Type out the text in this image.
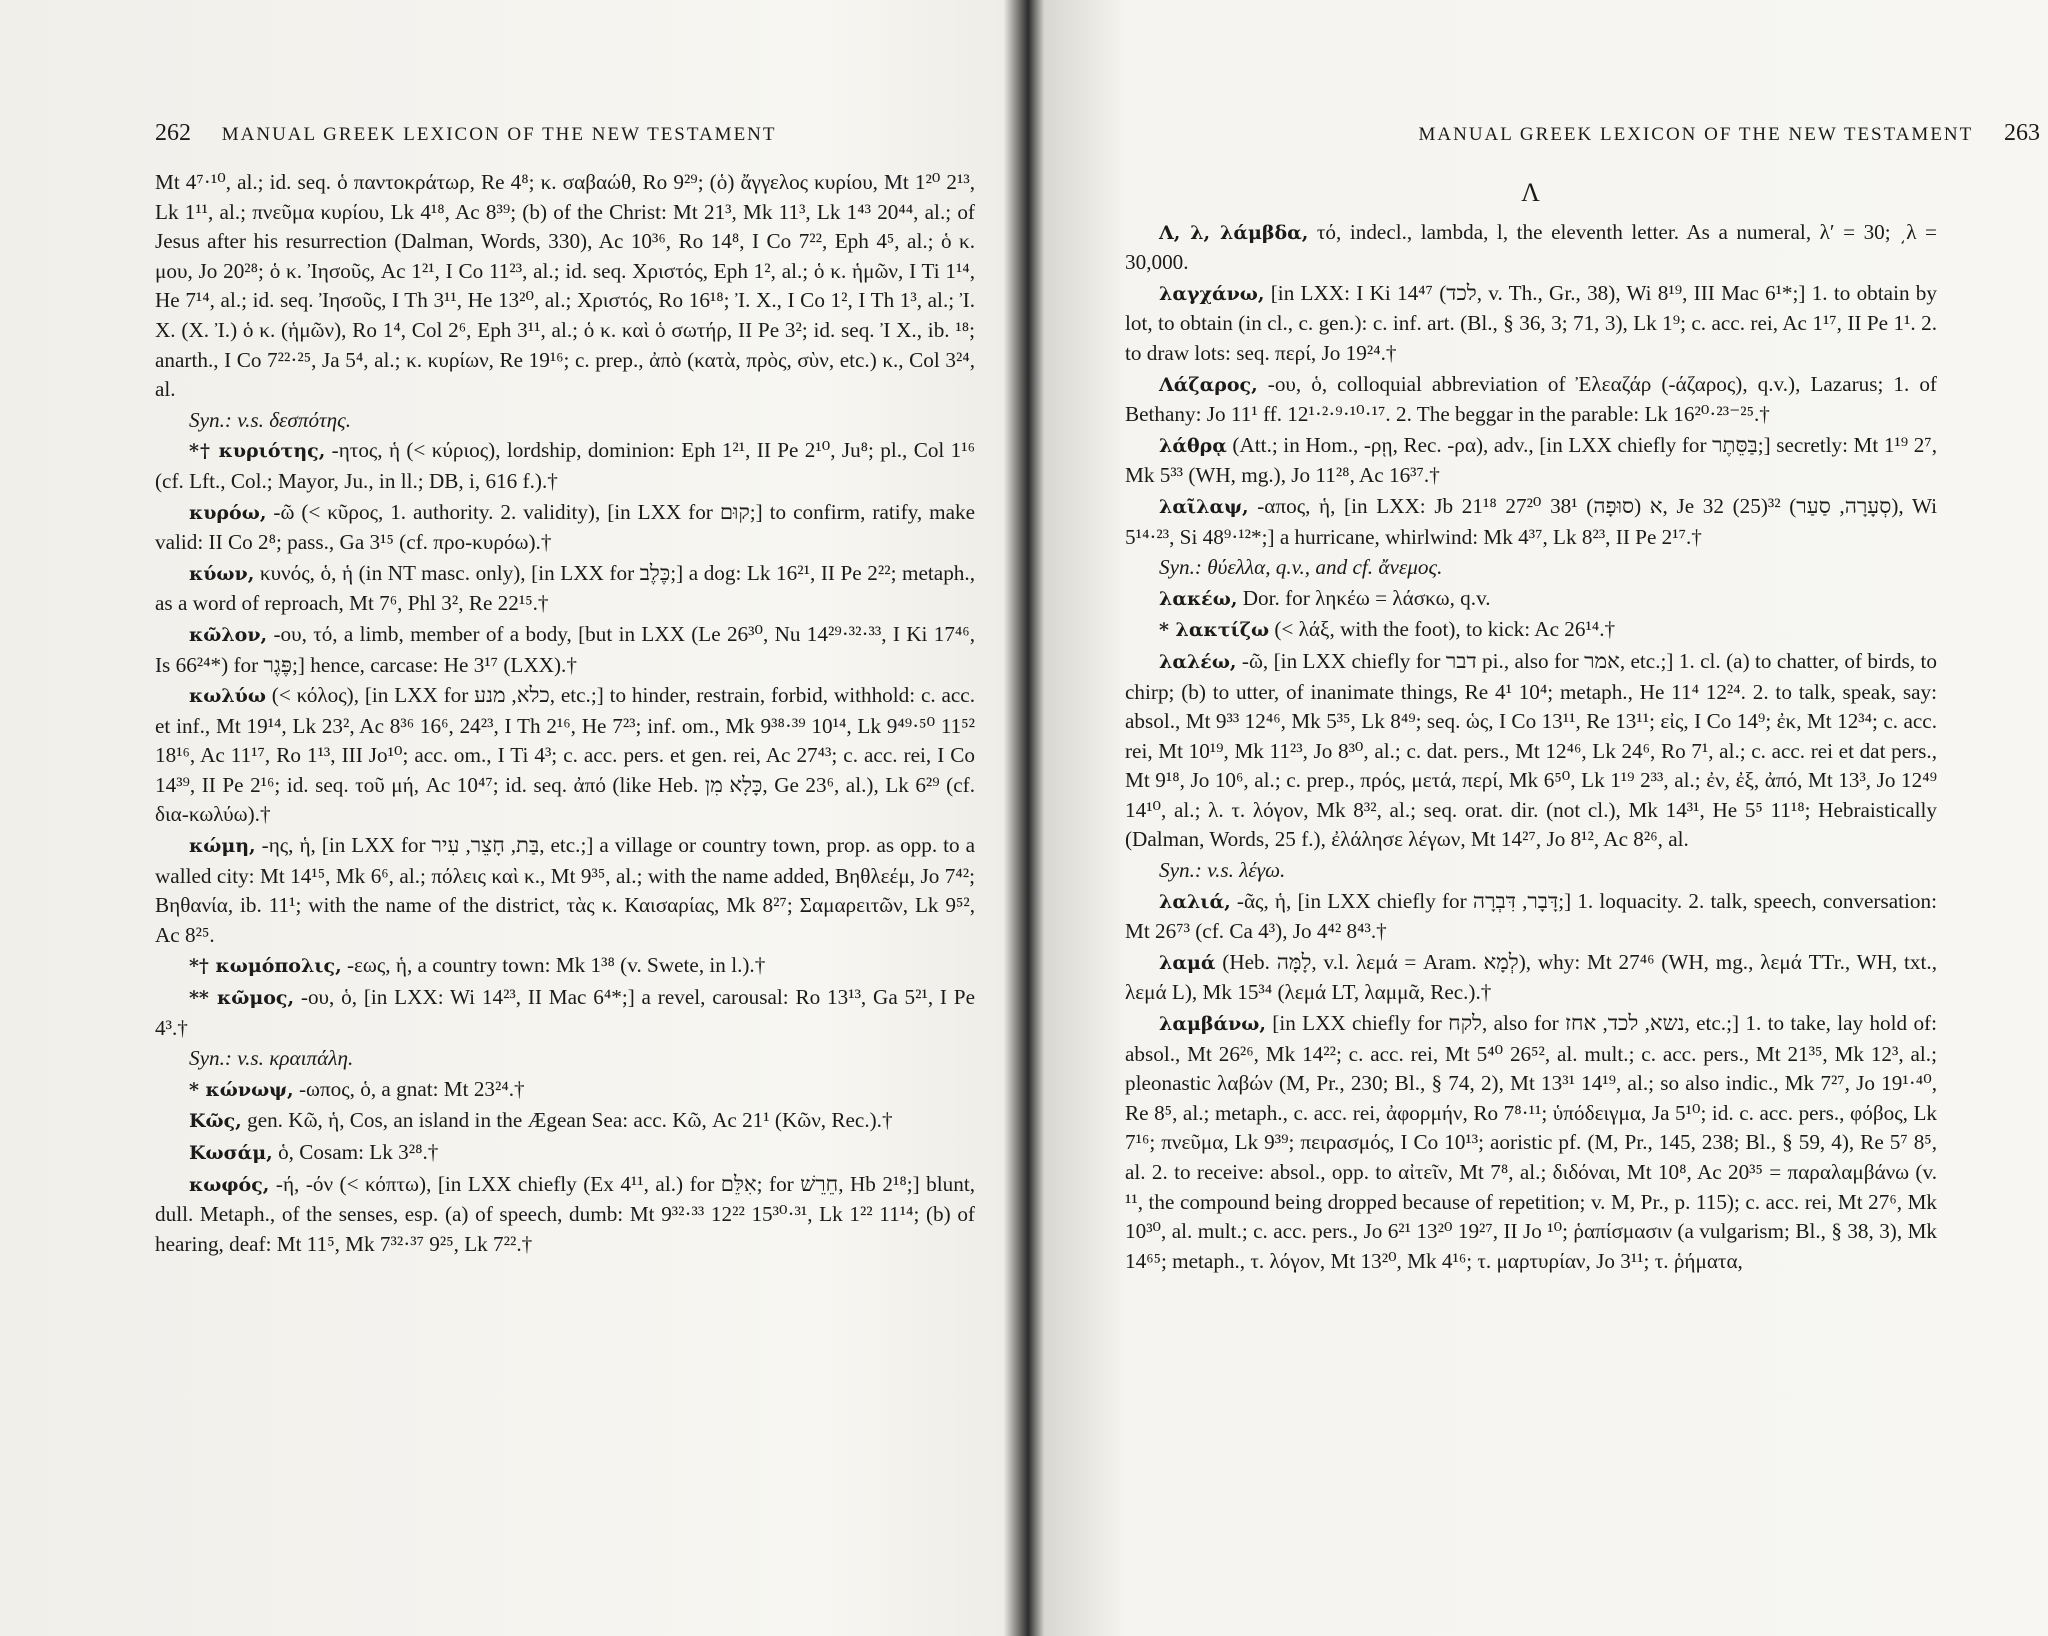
262 MANUAL GREEK LEXICON OF THE NEW TESTAMENT
Mt 4⁷·¹⁰, al.; id. seq. ὁ παντοκράτωρ, Re 4⁸; κ. σαβαώθ, Ro 9²⁹; (ὁ) ἄγγελος κυρίου, Mt 1²⁰ 2¹³, Lk 1¹¹, al.; πνεῦμα κυρίου, Lk 4¹⁸, Ac 8³⁹; (b) of the Christ: Mt 21³, Mk 11³, Lk 1⁴³ 20⁴⁴, al.; of Jesus after his resurrection (Dalman, Words, 330), Ac 10³⁶, Ro 14⁸, I Co 7²², Eph 4⁵, al.; ὁ κ. μου, Jo 20²⁸; ὁ κ. Ἰησοῦς, Ac 1²¹, I Co 11²³, al.; id. seq. Χριστός, Eph 1², al.; ὁ κ. ἡμῶν, I Ti 1¹⁴, He 7¹⁴, al.; id. seq. Ἰησοῦς, I Th 3¹¹, He 13²⁰, al.; Χριστός, Ro 16¹⁸; Ἰ. Χ., I Co 1², I Th 1³, al.; Ἰ. Χ. (Χ. Ἰ.) ὁ κ. (ἡμῶν), Ro 1⁴, Col 2⁶, Eph 3¹¹, al.; ὁ κ. καὶ ὁ σωτήρ, II Pe 3²; id. seq. Ἰ Χ., ib. ¹⁸; anarth., I Co 7²²·²⁵, Ja 5⁴, al.; κ. κυρίων, Re 19¹⁶; c. prep., ἀπὸ (κατὰ, πρὸς, σὺν, etc.) κ., Col 3²⁴, al.
Syn.: v.s. δεσπότης.
*† κυριότης, -ητος, ἡ (< κύριος), lordship, dominion: Eph 1²¹, II Pe 2¹⁰, Ju⁸; pl., Col 1¹⁶ (cf. Lft., Col.; Mayor, Ju., in ll.; DB, i, 616 f.).†
κυρόω, -ῶ (< κῦρος, 1. authority. 2. validity), [in LXX for קוּם;] to confirm, ratify, make valid: II Co 2⁸; pass., Ga 3¹⁵ (cf. προ-κυρόω).†
κύων, κυνός, ὁ, ἡ (in NT masc. only), [in LXX for כֶּלֶב;] a dog: Lk 16²¹, II Pe 2²²; metaph., as a word of reproach, Mt 7⁶, Phl 3², Re 22¹⁵.†
κῶλον, -ου, τό, a limb, member of a body, [but in LXX (Le 26³⁰, Nu 14²⁹·³²·³³, I Ki 17⁴⁶, Is 66²⁴*) for פֶּגֶר;] hence, carcase: He 3¹⁷ (LXX).†
κωλύω (< κόλος), [in LXX for כלא, מנע, etc.;] to hinder, restrain, forbid, withhold: c. acc. et inf., Mt 19¹⁴, Lk 23², Ac 8³⁶ 16⁶, 24²³, I Th 2¹⁶, He 7²³; inf. om., Mk 9³⁸·³⁹ 10¹⁴, Lk 9⁴⁹·⁵⁰ 11⁵² 18¹⁶, Ac 11¹⁷, Ro 1¹³, III Jo¹⁰; acc. om., I Ti 4³; c. acc. pers. et gen. rei, Ac 27⁴³; c. acc. rei, I Co 14³⁹, II Pe 2¹⁶; id. seq. τοῦ μή, Ac 10⁴⁷; id. seq. ἀπό (like Heb. כָּלָא מִן, Ge 23⁶, al.), Lk 6²⁹ (cf. δια-κωλύω).†
κώμη, -ης, ἡ, [in LXX for בַּת, חָצֵר, עִיר, etc.;] a village or country town, prop. as opp. to a walled city: Mt 14¹⁵, Mk 6⁶, al.; πόλεις καὶ κ., Mt 9³⁵, al.; with the name added, Βηθλεέμ, Jo 7⁴²; Βηθανία, ib. 11¹; with the name of the district, τὰς κ. Καισαρίας, Mk 8²⁷; Σαμαρειτῶν, Lk 9⁵², Ac 8²⁵.
*† κωμόπολις, -εως, ἡ, a country town: Mk 1³⁸ (v. Swete, in l.).†
** κῶμος, -ου, ὁ, [in LXX: Wi 14²³, II Mac 6⁴*;] a revel, carousal: Ro 13¹³, Ga 5²¹, I Pe 4³.†
Syn.: v.s. κραιπάλη.
* κώνωψ, -ωπος, ὁ, a gnat: Mt 23²⁴.†
Κῶς, gen. Κῶ, ἡ, Cos, an island in the Ægean Sea: acc. Κῶ, Ac 21¹ (Κῶν, Rec.).†
Κωσάμ, ὁ, Cosam: Lk 3²⁸.†
κωφός, -ή, -όν (< κόπτω), [in LXX chiefly (Ex 4¹¹, al.) for אִלֵּם; for חֵרֵשׁ, Hb 2¹⁸;] blunt, dull. Metaph., of the senses, esp. (a) of speech, dumb: Mt 9³²·³³ 12²² 15³⁰·³¹, Lk 1²² 11¹⁴; (b) of hearing, deaf: Mt 11⁵, Mk 7³²·³⁷ 9²⁵, Lk 7²².†
MANUAL GREEK LEXICON OF THE NEW TESTAMENT 263
Λ
Λ, λ, λάμβδα, τό, indecl., lambda, l, the eleventh letter. As a numeral, λʹ = 30; ͵λ = 30,000.
λαγχάνω, [in LXX: I Ki 14⁴⁷ (לכד, v. Th., Gr., 38), Wi 8¹⁹, III Mac 6¹*;] 1. to obtain by lot, to obtain (in cl., c. gen.): c. inf. art. (Bl., § 36, 3; 71, 3), Lk 1⁹; c. acc. rei, Ac 1¹⁷, II Pe 1¹. 2. to draw lots: seq. περί, Jo 19²⁴.†
Λάζαρος, -ου, ὁ, colloquial abbreviation of Ἐλεαζάρ (-άζαρος), q.v.), Lazarus; 1. of Bethany: Jo 11¹ ff. 12¹·²·⁹·¹⁰·¹⁷. 2. The beggar in the parable: Lk 16²⁰·²³⁻²⁵.†
λάθρᾳ (Att.; in Hom., -ρῃ, Rec. -ρα), adv., [in LXX chiefly for בַּסֵּתֶר;] secretly: Mt 1¹⁹ 2⁷, Mk 5³³ (WH, mg.), Jo 11²⁸, Ac 16³⁷.†
λαῖλαψ, -απος, ἡ, [in LXX: Jb 21¹⁸ 27²⁰ א (סוּפָה) 38¹, Je 32 (25)³² (סְעָרָה, סַעַר), Wi 5¹⁴·²³, Si 48⁹·¹²*;] a hurricane, whirlwind: Mk 4³⁷, Lk 8²³, II Pe 2¹⁷.†
Syn.: θύελλα, q.v., and cf. ἄνεμος.
λακέω, Dor. for ληκέω = λάσκω, q.v.
* λακτίζω (< λάξ, with the foot), to kick: Ac 26¹⁴.†
λαλέω, -ῶ, [in LXX chiefly for דבר pi., also for אמר, etc.;] 1. cl. (a) to chatter, of birds, to chirp; (b) to utter, of inanimate things, Re 4¹ 10⁴; metaph., He 11⁴ 12²⁴. 2. to talk, speak, say: absol., Mt 9³³ 12⁴⁶, Mk 5³⁵, Lk 8⁴⁹; seq. ὡς, I Co 13¹¹, Re 13¹¹; εἰς, I Co 14⁹; ἐκ, Mt 12³⁴; c. acc. rei, Mt 10¹⁹, Mk 11²³, Jo 8³⁰, al.; c. dat. pers., Mt 12⁴⁶, Lk 24⁶, Ro 7¹, al.; c. acc. rei et dat pers., Mt 9¹⁸, Jo 10⁶, al.; c. prep., πρός, μετά, περί, Mk 6⁵⁰, Lk 1¹⁹ 2³³, al.; ἐν, ἐξ, ἀπό, Mt 13³, Jo 12⁴⁹ 14¹⁰, al.; λ. τ. λόγον, Mk 8³², al.; seq. orat. dir. (not cl.), Mk 14³¹, He 5⁵ 11¹⁸; Hebraistically (Dalman, Words, 25 f.), ἐλάλησε λέγων, Mt 14²⁷, Jo 8¹², Ac 8²⁶, al.
Syn.: v.s. λέγω.
λαλιά, -ᾶς, ἡ, [in LXX chiefly for דָּבָר, דִּבְרָה;] 1. loquacity. 2. talk, speech, conversation: Mt 26⁷³ (cf. Ca 4³), Jo 4⁴² 8⁴³.†
λαμά (Heb. לָמָּה, v.l. λεμά = Aram. לְמָא), why: Mt 27⁴⁶ (WH, mg., λεμά TTr., WH, txt., λεμά L), Mk 15³⁴ (λεμά LT, λαμμᾶ, Rec.).†
λαμβάνω, [in LXX chiefly for לקח, also for נשא, לכד, אחז, etc.;] 1. to take, lay hold of: absol., Mt 26²⁶, Mk 14²²; c. acc. rei, Mt 5⁴⁰ 26⁵², al. mult.; c. acc. pers., Mt 21³⁵, Mk 12³, al.; pleonastic λαβών (M, Pr., 230; Bl., § 74, 2), Mt 13³¹ 14¹⁹, al.; so also indic., Mk 7²⁷, Jo 19¹·⁴⁰, Re 8⁵, al.; metaph., c. acc. rei, ἀφορμήν, Ro 7⁸·¹¹; ὑπόδειγμα, Ja 5¹⁰; id. c. acc. pers., φόβος, Lk 7¹⁶; πνεῦμα, Lk 9³⁹; πειρασμός, I Co 10¹³; aoristic pf. (M, Pr., 145, 238; Bl., § 59, 4), Re 5⁷ 8⁵, al. 2. to receive: absol., opp. to αἰτεῖν, Mt 7⁸, al.; διδόναι, Mt 10⁸, Ac 20³⁵ = παραλαμβάνω (v. ¹¹, the compound being dropped because of repetition; v. M, Pr., p. 115); c. acc. rei, Mt 27⁶, Mk 10³⁰, al. mult.; c. acc. pers., Jo 6²¹ 13²⁰ 19²⁷, II Jo ¹⁰; ῥαπίσμασιν (a vulgarism; Bl., § 38, 3), Mk 14⁶⁵; metaph., τ. λόγον, Mt 13²⁰, Mk 4¹⁶; τ. μαρτυρίαν, Jo 3¹¹; τ. ῥήματα,
